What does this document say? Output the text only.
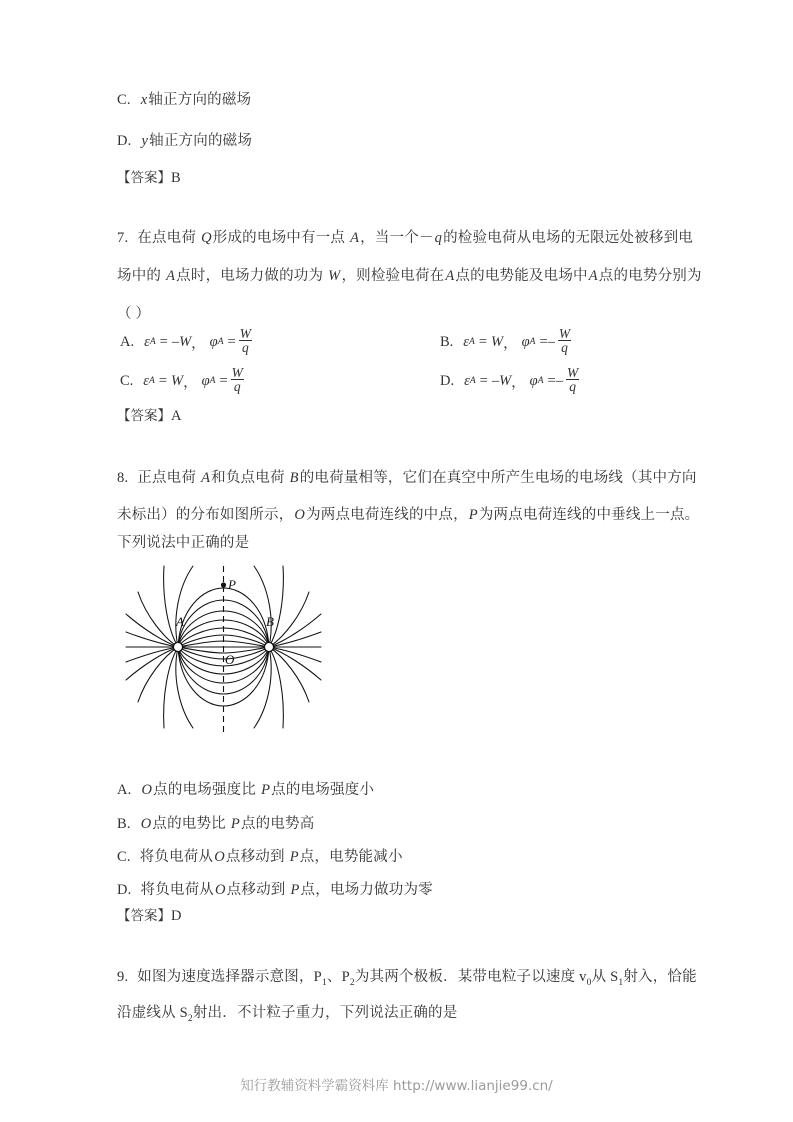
C. x轴正方向的磁场
D. y轴正方向的磁场
【答案】B
7. 在点电荷 Q形成的电场中有一点 A，当一个－q的检验电荷从电场的无限远处被移到电
场中的 A点时，电场力做的功为 W，则检验电荷在A点的电势能及电场中A点的电势分别为
（ ）
A. ε A = –W ， φ $A = \frac{W}{q}$	B. ε A = W ， φ A = – $\frac{W}{q}$
C. ε A = W ， φ $A = \frac{W}{q}$	D. ε A = –W ， φ A = – $\frac{W}{q}$
【答案】A
8. 正点电荷 A和负点电荷 B的电荷量相等，它们在真空中所产生电场的电场线（其中方向
未标出）的分布如图所示，O为两点电荷连线的中点，P为两点电荷连线的中垂线上一点。
下列说法中正确的是
A	B
P
O
A. O点的电场强度比 P点的电场强度小
B. O点的电势比 P点的电势高
C. 将负电荷从O点移动到 P点，电势能减小
D. 将负电荷从O点移动到 P点，电场力做功为零
【答案】D
9. 如图为速度选择器示意图，$P_1$、$P_2$为其两个极板．某带电粒子以速度 $v_0$从 $S_1$射入，恰能
沿虚线从 $S_2$射出．不计粒子重力，下列说法正确的是
知行教辅资料学霸资料库 http://www.lianjie99.cn/
